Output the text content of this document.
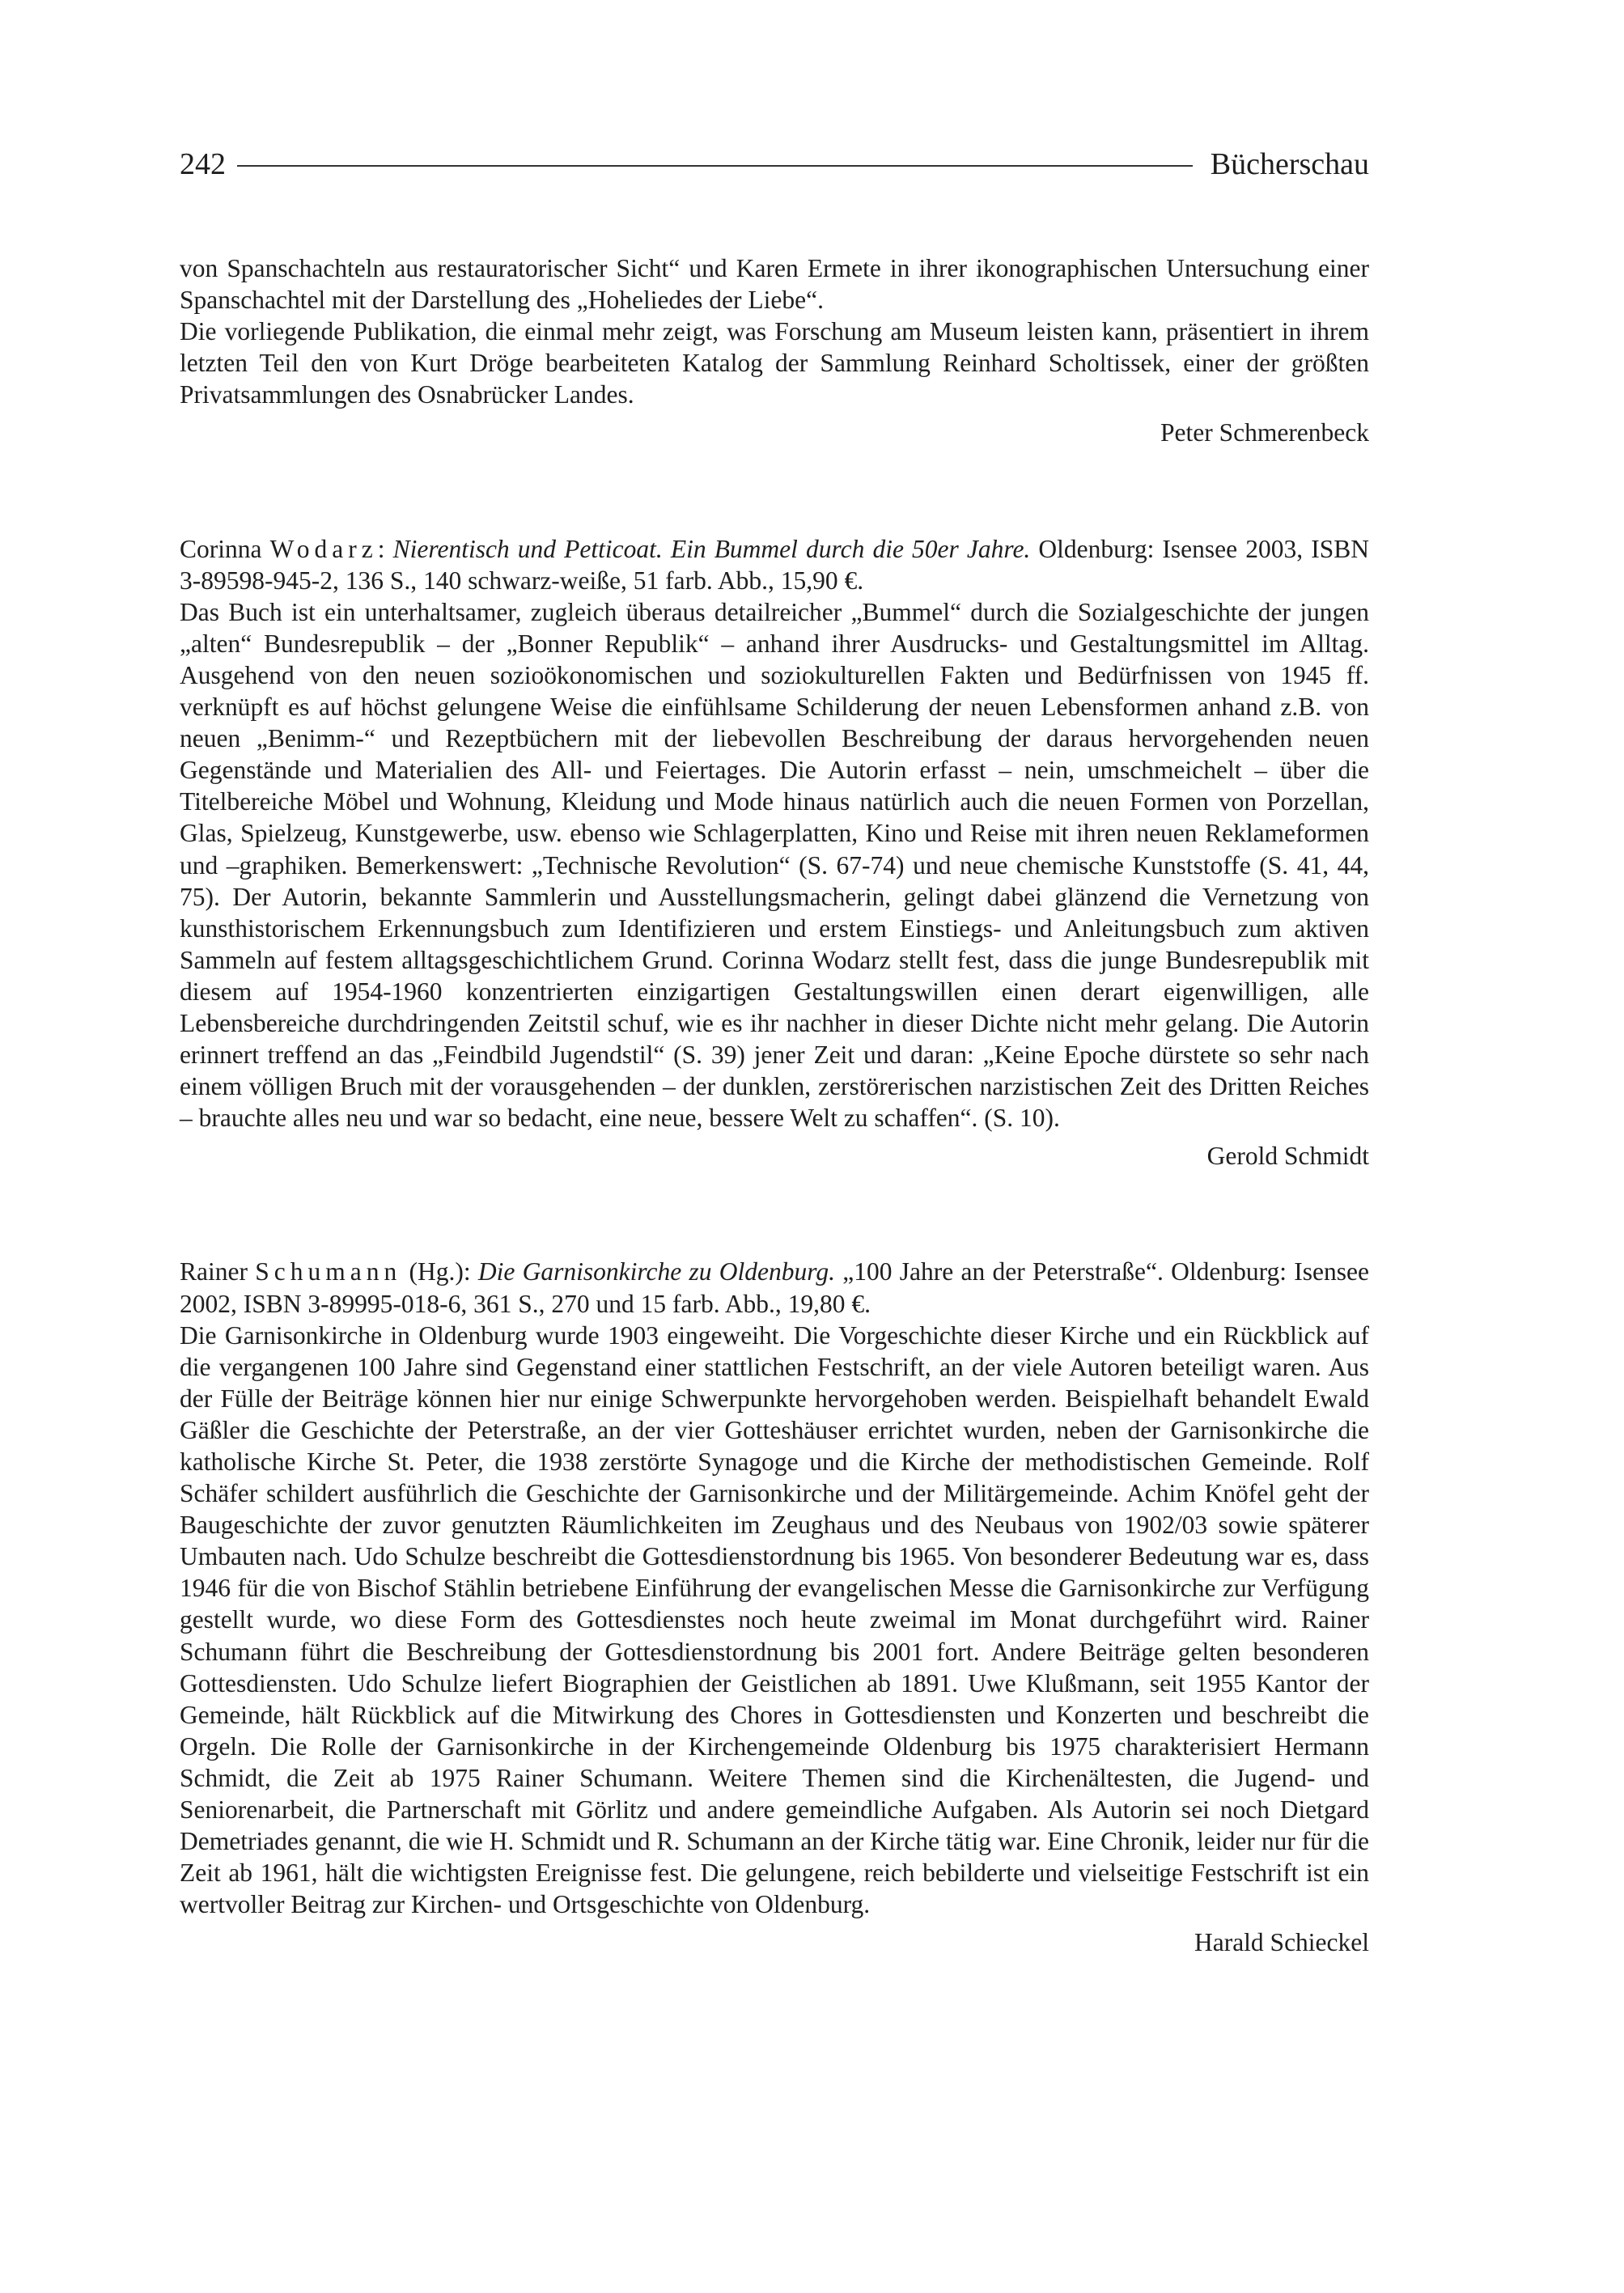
242	Bücherschau

von Spanschachteln aus restauratorischer Sicht“ und Karen Ermete in ihrer ikonographischen Untersuchung einer Spanschachtel mit der Darstellung des „Hoheliedes der Liebe“.

Die vorliegende Publikation, die einmal mehr zeigt, was Forschung am Museum leisten kann, präsentiert in ihrem letzten Teil den von Kurt Dröge bearbeiteten Katalog der Sammlung Reinhard Scholtissek, einer der größten Privatsammlungen des Osnabrücker Landes.

Peter Schmerenbeck

Corinna Wodarz: Nierentisch und Petticoat. Ein Bummel durch die 50er Jahre. Oldenburg: Isensee 2003, ISBN 3-89598-945-2, 136 S., 140 schwarz-weiße, 51 farb. Abb., 15,90 €.

Das Buch ist ein unterhaltsamer, zugleich überaus detailreicher „Bummel“ durch die Sozialgeschichte der jungen „alten“ Bundesrepublik – der „Bonner Republik“ – anhand ihrer Ausdrucks- und Gestaltungsmittel im Alltag. Ausgehend von den neuen sozioökonomischen und soziokulturellen Fakten und Bedürfnissen von 1945 ff. verknüpft es auf höchst gelungene Weise die einfühlsame Schilderung der neuen Lebensformen anhand z.B. von neuen „Benimm-“ und Rezeptbüchern mit der liebevollen Beschreibung der daraus hervorgehenden neuen Gegenstände und Materialien des All- und Feiertages. Die Autorin erfasst – nein, umschmeichelt – über die Titelbereiche Möbel und Wohnung, Kleidung und Mode hinaus natürlich auch die neuen Formen von Porzellan, Glas, Spielzeug, Kunstgewerbe, usw. ebenso wie Schlagerplatten, Kino und Reise mit ihren neuen Reklameformen und –graphiken. Bemerkenswert: „Technische Revolution“ (S. 67-74) und neue chemische Kunststoffe (S. 41, 44, 75). Der Autorin, bekannte Sammlerin und Ausstellungsmacherin, gelingt dabei glänzend die Vernetzung von kunsthistorischem Erkennungsbuch zum Identifizieren und erstem Einstiegs- und Anleitungsbuch zum aktiven Sammeln auf festem alltagsgeschichtlichem Grund. Corinna Wodarz stellt fest, dass die junge Bundesrepublik mit diesem auf 1954-1960 konzentrierten einzigartigen Gestaltungswillen einen derart eigenwilligen, alle Lebensbereiche durchdringenden Zeitstil schuf, wie es ihr nachher in dieser Dichte nicht mehr gelang. Die Autorin erinnert treffend an das „Feindbild Jugendstil“ (S. 39) jener Zeit und daran: „Keine Epoche dürstete so sehr nach einem völligen Bruch mit der vorausgehenden – der dunklen, zerstörerischen narzistischen Zeit des Dritten Reiches – brauchte alles neu und war so bedacht, eine neue, bessere Welt zu schaffen“. (S. 10).

Gerold Schmidt

Rainer Schumann (Hg.): Die Garnisonkirche zu Oldenburg. „100 Jahre an der Peterstraße“. Oldenburg: Isensee 2002, ISBN 3-89995-018-6, 361 S., 270 und 15 farb. Abb., 19,80 €.

Die Garnisonkirche in Oldenburg wurde 1903 eingeweiht. Die Vorgeschichte dieser Kirche und ein Rückblick auf die vergangenen 100 Jahre sind Gegenstand einer stattlichen Festschrift, an der viele Autoren beteiligt waren. Aus der Fülle der Beiträge können hier nur einige Schwerpunkte hervorgehoben werden. Beispielhaft behandelt Ewald Gäßler die Geschichte der Peterstraße, an der vier Gotteshäuser errichtet wurden, neben der Garnisonkirche die katholische Kirche St. Peter, die 1938 zerstörte Synagoge und die Kirche der methodistischen Gemeinde. Rolf Schäfer schildert ausführlich die Geschichte der Garnisonkirche und der Militärgemeinde. Achim Knöfel geht der Baugeschichte der zuvor genutzten Räumlichkeiten im Zeughaus und des Neubaus von 1902/03 sowie späterer Umbauten nach. Udo Schulze beschreibt die Gottesdienstordnung bis 1965. Von besonderer Bedeutung war es, dass 1946 für die von Bischof Stählin betriebene Einführung der evangelischen Messe die Garnisonkirche zur Verfügung gestellt wurde, wo diese Form des Gottesdienstes noch heute zweimal im Monat durchgeführt wird. Rainer Schumann führt die Beschreibung der Gottesdienstordnung bis 2001 fort. Andere Beiträge gelten besonderen Gottesdiensten. Udo Schulze liefert Biographien der Geistlichen ab 1891. Uwe Klußmann, seit 1955 Kantor der Gemeinde, hält Rückblick auf die Mitwirkung des Chores in Gottesdiensten und Konzerten und beschreibt die Orgeln. Die Rolle der Garnisonkirche in der Kirchengemeinde Oldenburg bis 1975 charakterisiert Hermann Schmidt, die Zeit ab 1975 Rainer Schumann. Weitere Themen sind die Kirchenältesten, die Jugend- und Seniorenarbeit, die Partnerschaft mit Görlitz und andere gemeindliche Aufgaben. Als Autorin sei noch Dietgard Demetriades genannt, die wie H. Schmidt und R. Schumann an der Kirche tätig war. Eine Chronik, leider nur für die Zeit ab 1961, hält die wichtigsten Ereignisse fest. Die gelungene, reich bebilderte und vielseitige Festschrift ist ein wertvoller Beitrag zur Kirchen- und Ortsgeschichte von Oldenburg.

Harald Schieckel
